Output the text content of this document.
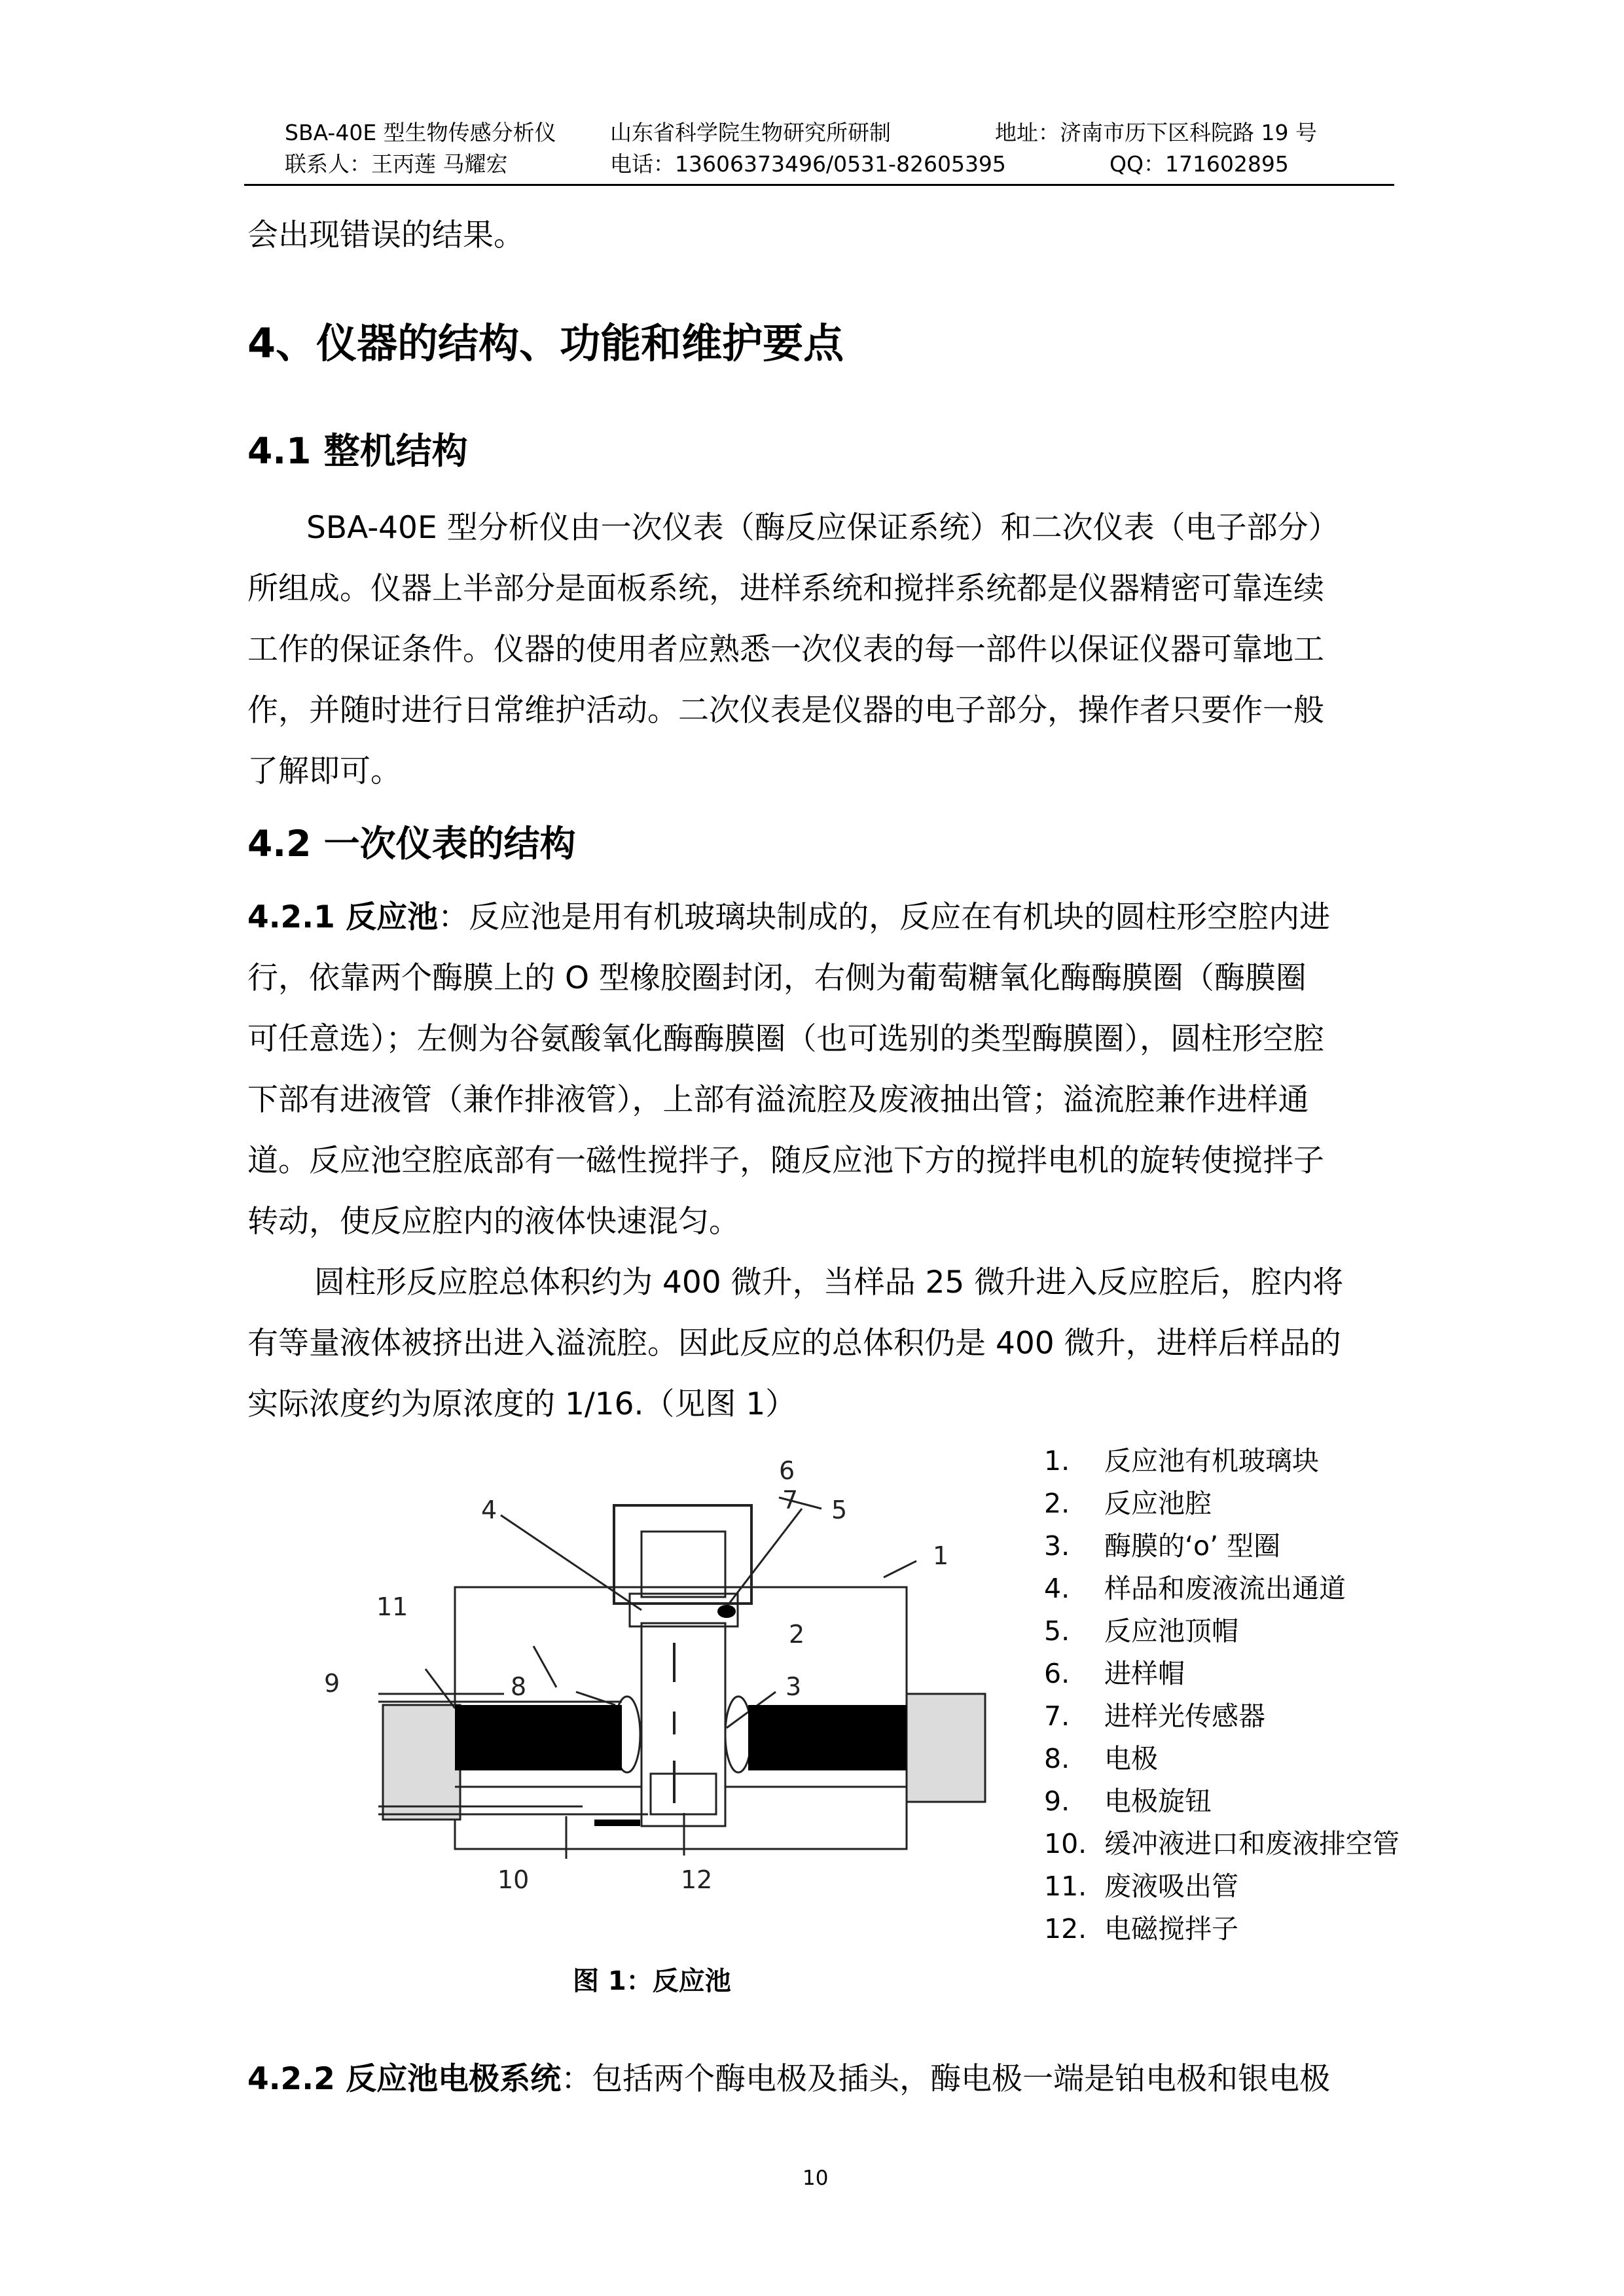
SBA-40E 型生物传感分析仪 山东省科学院生物研究所研制	地址：济南市历下区科院路 19 号
联系人：王丙莲 马耀宏	电话：13606373496/0531-82605395	QQ：171602895
会出现错误的结果。
4、仪器的结构、功能和维护要点
4.1 整机结构
SBA-40E 型分析仪由一次仪表（酶反应保证系统）和二次仪表（电子部分）
所组成。仪器上半部分是面板系统，进样系统和搅拌系统都是仪器精密可靠连续
工作的保证条件。仪器的使用者应熟悉一次仪表的每一部件以保证仪器可靠地工
作，并随时进行日常维护活动。二次仪表是仪器的电子部分，操作者只要作一般
了解即可。
4.2 一次仪表的结构
4.2.1 反应池：反应池是用有机玻璃块制成的，反应在有机块的圆柱形空腔内进
行，依靠两个酶膜上的 O 型橡胶圈封闭，右侧为葡萄糖氧化酶酶膜圈（酶膜圈
可任意选）；左侧为谷氨酸氧化酶酶膜圈（也可选别的类型酶膜圈），圆柱形空腔
下部有进液管（兼作排液管），上部有溢流腔及废液抽出管；溢流腔兼作进样通
道。反应池空腔底部有一磁性搅拌子，随反应池下方的搅拌电机的旋转使搅拌子
转动，使反应腔内的液体快速混匀。
圆柱形反应腔总体积约为 400 微升，当样品 25 微升进入反应腔后，腔内将
有等量液体被挤出进入溢流腔。因此反应的总体积仍是 400 微升，进样后样品的
实际浓度约为原浓度的 1/16.（见图 1）
1
2
3
4	5
6
7
8
9
10
11
12
1. 反应池有机玻璃块
2. 反应池腔
3. 酶膜的‘o’ 型圈
4. 样品和废液流出通道
5. 反应池顶帽
6. 进样帽
7. 进样光传感器
8. 电极
9. 电极旋钮
10. 缓冲液进口和废液排空管
11. 废液吸出管
12. 电磁搅拌子
图 1：反应池
4.2.2 反应池电极系统：包括两个酶电极及插头，酶电极一端是铂电极和银电极
10
